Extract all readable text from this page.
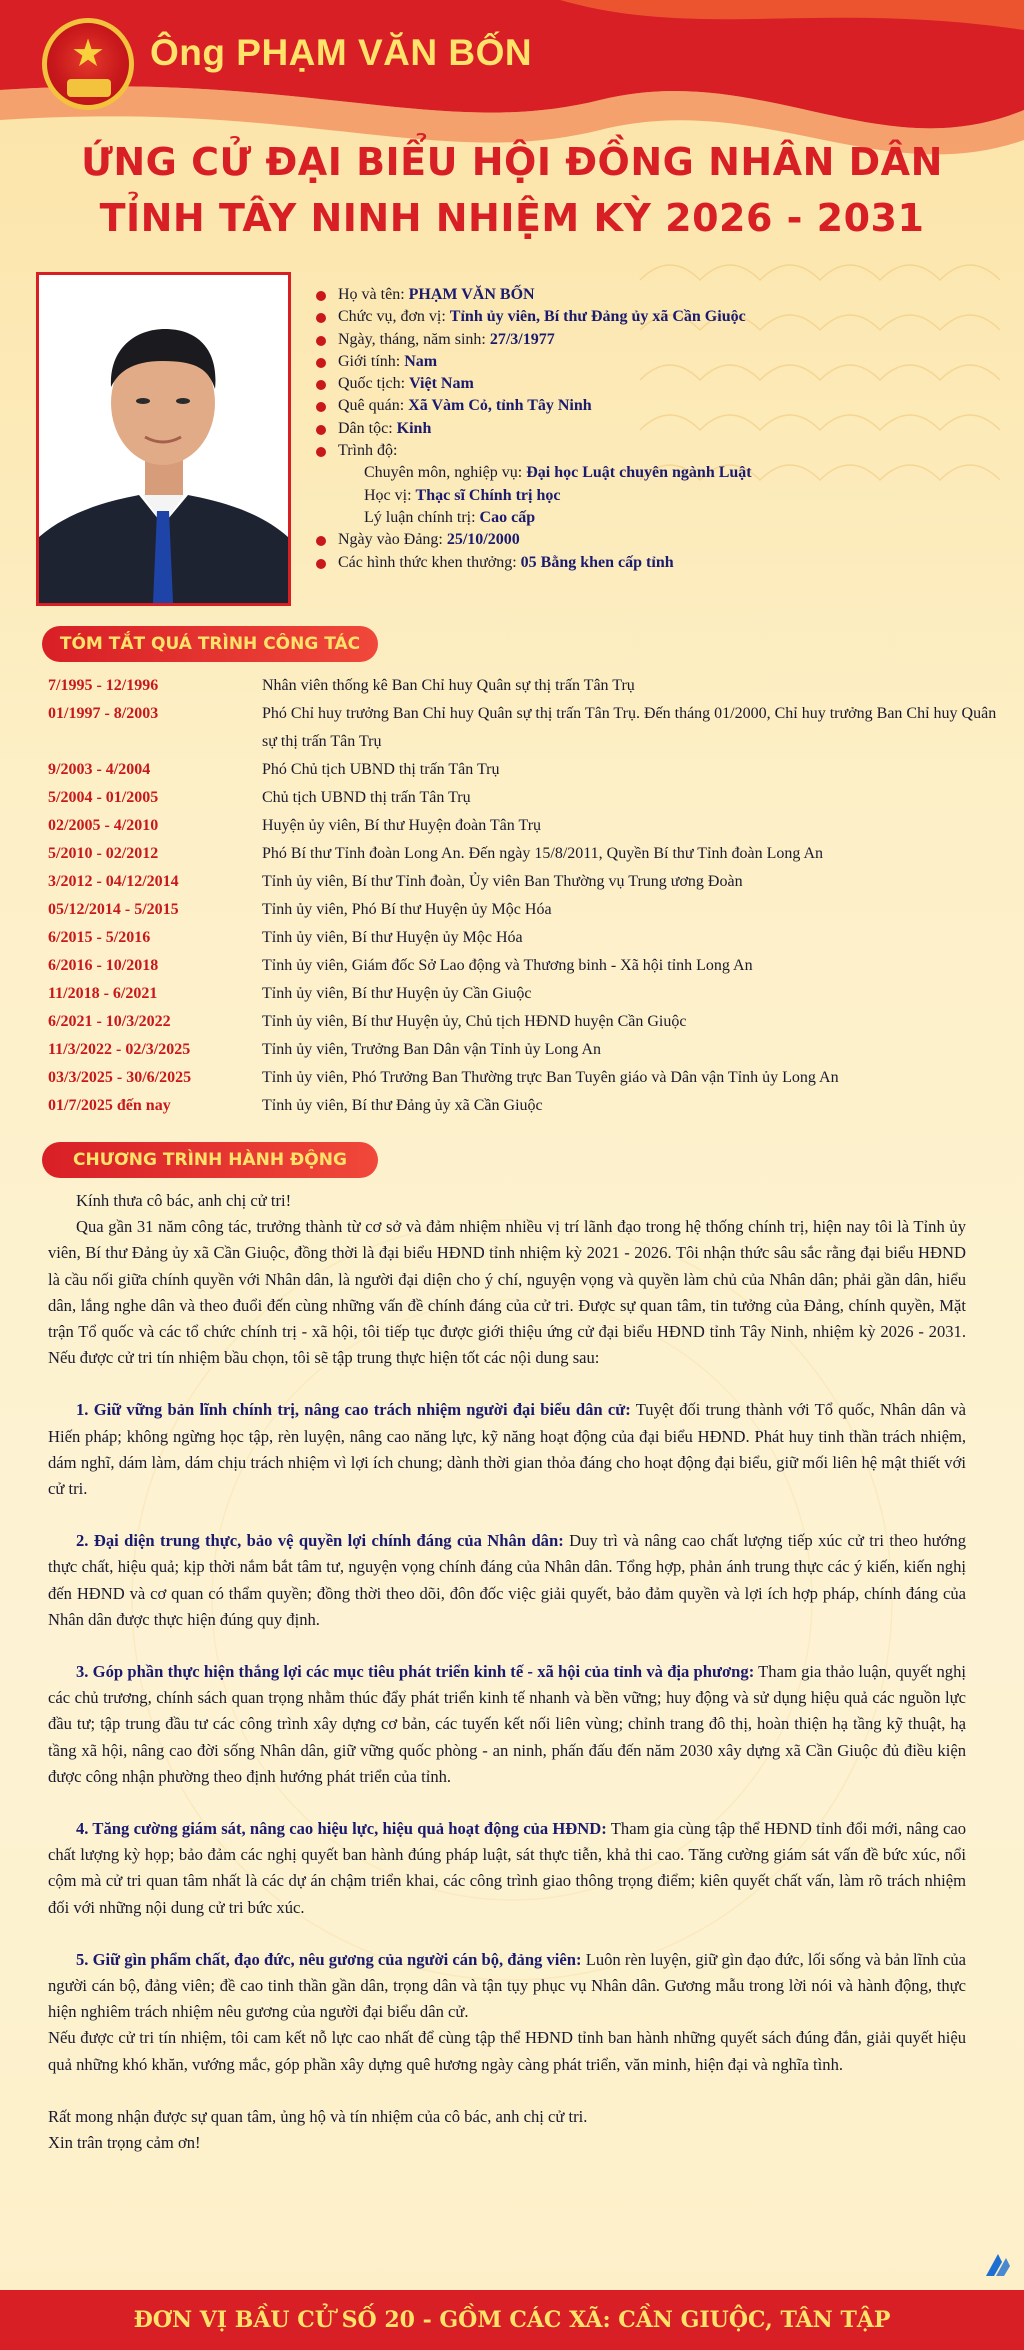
★ Ông PHẠM VĂN BỐN
ỨNG CỬ ĐẠI BIỂU HỘI ĐỒNG NHÂN DÂN
TỈNH TÂY NINH NHIỆM KỲ 2026 - 2031
Họ và tên: PHẠM VĂN BỐN
Chức vụ, đơn vị: Tỉnh ủy viên, Bí thư Đảng ủy xã Cần Giuộc
Ngày, tháng, năm sinh: 27/3/1977
Giới tính: Nam
Quốc tịch: Việt Nam
Quê quán: Xã Vàm Cỏ, tỉnh Tây Ninh
Dân tộc: Kinh
Trình độ:
Chuyên môn, nghiệp vụ: Đại học Luật chuyên ngành Luật
Học vị: Thạc sĩ Chính trị học
Lý luận chính trị: Cao cấp
Ngày vào Đảng: 25/10/2000
Các hình thức khen thưởng: 05 Bằng khen cấp tỉnh
TÓM TẮT QUÁ TRÌNH CÔNG TÁC
7/1995 - 12/1996	Nhân viên thống kê Ban Chỉ huy Quân sự thị trấn Tân Trụ
01/1997 - 8/2003	Phó Chỉ huy trưởng Ban Chỉ huy Quân sự thị trấn Tân Trụ. Đến tháng 01/2000, Chỉ huy trưởng Ban Chỉ huy Quân sự thị trấn Tân Trụ
9/2003 - 4/2004	Phó Chủ tịch UBND thị trấn Tân Trụ
5/2004 - 01/2005	Chủ tịch UBND thị trấn Tân Trụ
02/2005 - 4/2010	Huyện ủy viên, Bí thư Huyện đoàn Tân Trụ
5/2010 - 02/2012	Phó Bí thư Tỉnh đoàn Long An. Đến ngày 15/8/2011, Quyền Bí thư Tỉnh đoàn Long An
3/2012 - 04/12/2014	Tỉnh ủy viên, Bí thư Tỉnh đoàn, Ủy viên Ban Thường vụ Trung ương Đoàn
05/12/2014 - 5/2015	Tỉnh ủy viên, Phó Bí thư Huyện ủy Mộc Hóa
6/2015 - 5/2016	Tỉnh ủy viên, Bí thư Huyện ủy Mộc Hóa
6/2016 - 10/2018	Tỉnh ủy viên, Giám đốc Sở Lao động và Thương binh - Xã hội tỉnh Long An
11/2018 - 6/2021	Tỉnh ủy viên, Bí thư Huyện ủy Cần Giuộc
6/2021 - 10/3/2022	Tỉnh ủy viên, Bí thư Huyện ủy, Chủ tịch HĐND huyện Cần Giuộc
11/3/2022 - 02/3/2025	Tỉnh ủy viên, Trưởng Ban Dân vận Tỉnh ủy Long An
03/3/2025 - 30/6/2025	Tỉnh ủy viên, Phó Trưởng Ban Thường trực Ban Tuyên giáo và Dân vận Tỉnh ủy Long An
01/7/2025 đến nay	Tỉnh ủy viên, Bí thư Đảng ủy xã Cần Giuộc
CHƯƠNG TRÌNH HÀNH ĐỘNG

Kính thưa cô bác, anh chị cử tri!

Qua gần 31 năm công tác, trưởng thành từ cơ sở và đảm nhiệm nhiều vị trí lãnh đạo trong hệ thống chính trị, hiện nay tôi là Tỉnh ủy viên, Bí thư Đảng ủy xã Cần Giuộc, đồng thời là đại biểu HĐND tỉnh nhiệm kỳ 2021 - 2026. Tôi nhận thức sâu sắc rằng đại biểu HĐND là cầu nối giữa chính quyền với Nhân dân, là người đại diện cho ý chí, nguyện vọng và quyền làm chủ của Nhân dân; phải gần dân, hiểu dân, lắng nghe dân và theo đuổi đến cùng những vấn đề chính đáng của cử tri. Được sự quan tâm, tin tưởng của Đảng, chính quyền, Mặt trận Tổ quốc và các tổ chức chính trị - xã hội, tôi tiếp tục được giới thiệu ứng cử đại biểu HĐND tỉnh Tây Ninh, nhiệm kỳ 2026 - 2031. Nếu được cử tri tín nhiệm bầu chọn, tôi sẽ tập trung thực hiện tốt các nội dung sau:

1. Giữ vững bản lĩnh chính trị, nâng cao trách nhiệm người đại biểu dân cử: Tuyệt đối trung thành với Tổ quốc, Nhân dân và Hiến pháp; không ngừng học tập, rèn luyện, nâng cao năng lực, kỹ năng hoạt động của đại biểu HĐND. Phát huy tinh thần trách nhiệm, dám nghĩ, dám làm, dám chịu trách nhiệm vì lợi ích chung; dành thời gian thỏa đáng cho hoạt động đại biểu, giữ mối liên hệ mật thiết với cử tri.

2. Đại diện trung thực, bảo vệ quyền lợi chính đáng của Nhân dân: Duy trì và nâng cao chất lượng tiếp xúc cử tri theo hướng thực chất, hiệu quả; kịp thời nắm bắt tâm tư, nguyện vọng chính đáng của Nhân dân. Tổng hợp, phản ánh trung thực các ý kiến, kiến nghị đến HĐND và cơ quan có thẩm quyền; đồng thời theo dõi, đôn đốc việc giải quyết, bảo đảm quyền và lợi ích hợp pháp, chính đáng của Nhân dân được thực hiện đúng quy định.

3. Góp phần thực hiện thắng lợi các mục tiêu phát triển kinh tế - xã hội của tỉnh và địa phương: Tham gia thảo luận, quyết nghị các chủ trương, chính sách quan trọng nhằm thúc đẩy phát triển kinh tế nhanh và bền vững; huy động và sử dụng hiệu quả các nguồn lực đầu tư; tập trung đầu tư các công trình xây dựng cơ bản, các tuyến kết nối liên vùng; chỉnh trang đô thị, hoàn thiện hạ tầng kỹ thuật, hạ tầng xã hội, nâng cao đời sống Nhân dân, giữ vững quốc phòng - an ninh, phấn đấu đến năm 2030 xây dựng xã Cần Giuộc đủ điều kiện được công nhận phường theo định hướng phát triển của tỉnh.

4. Tăng cường giám sát, nâng cao hiệu lực, hiệu quả hoạt động của HĐND: Tham gia cùng tập thể HĐND tỉnh đổi mới, nâng cao chất lượng kỳ họp; bảo đảm các nghị quyết ban hành đúng pháp luật, sát thực tiễn, khả thi cao. Tăng cường giám sát vấn đề bức xúc, nổi cộm mà cử tri quan tâm nhất là các dự án chậm triển khai, các công trình giao thông trọng điểm; kiên quyết chất vấn, làm rõ trách nhiệm đối với những nội dung cử tri bức xúc.

5. Giữ gìn phẩm chất, đạo đức, nêu gương của người cán bộ, đảng viên: Luôn rèn luyện, giữ gìn đạo đức, lối sống và bản lĩnh của người cán bộ, đảng viên; đề cao tinh thần gần dân, trọng dân và tận tụy phục vụ Nhân dân. Gương mẫu trong lời nói và hành động, thực hiện nghiêm trách nhiệm nêu gương của người đại biểu dân cử.

Nếu được cử tri tín nhiệm, tôi cam kết nỗ lực cao nhất để cùng tập thể HĐND tỉnh ban hành những quyết sách đúng đắn, giải quyết hiệu quả những khó khăn, vướng mắc, góp phần xây dựng quê hương ngày càng phát triển, văn minh, hiện đại và nghĩa tình.

Rất mong nhận được sự quan tâm, ủng hộ và tín nhiệm của cô bác, anh chị cử tri.

Xin trân trọng cảm ơn!

ĐƠN VỊ BẦU CỬ SỐ 20 - GỒM CÁC XÃ: CẦN GIUỘC, TÂN TẬP
